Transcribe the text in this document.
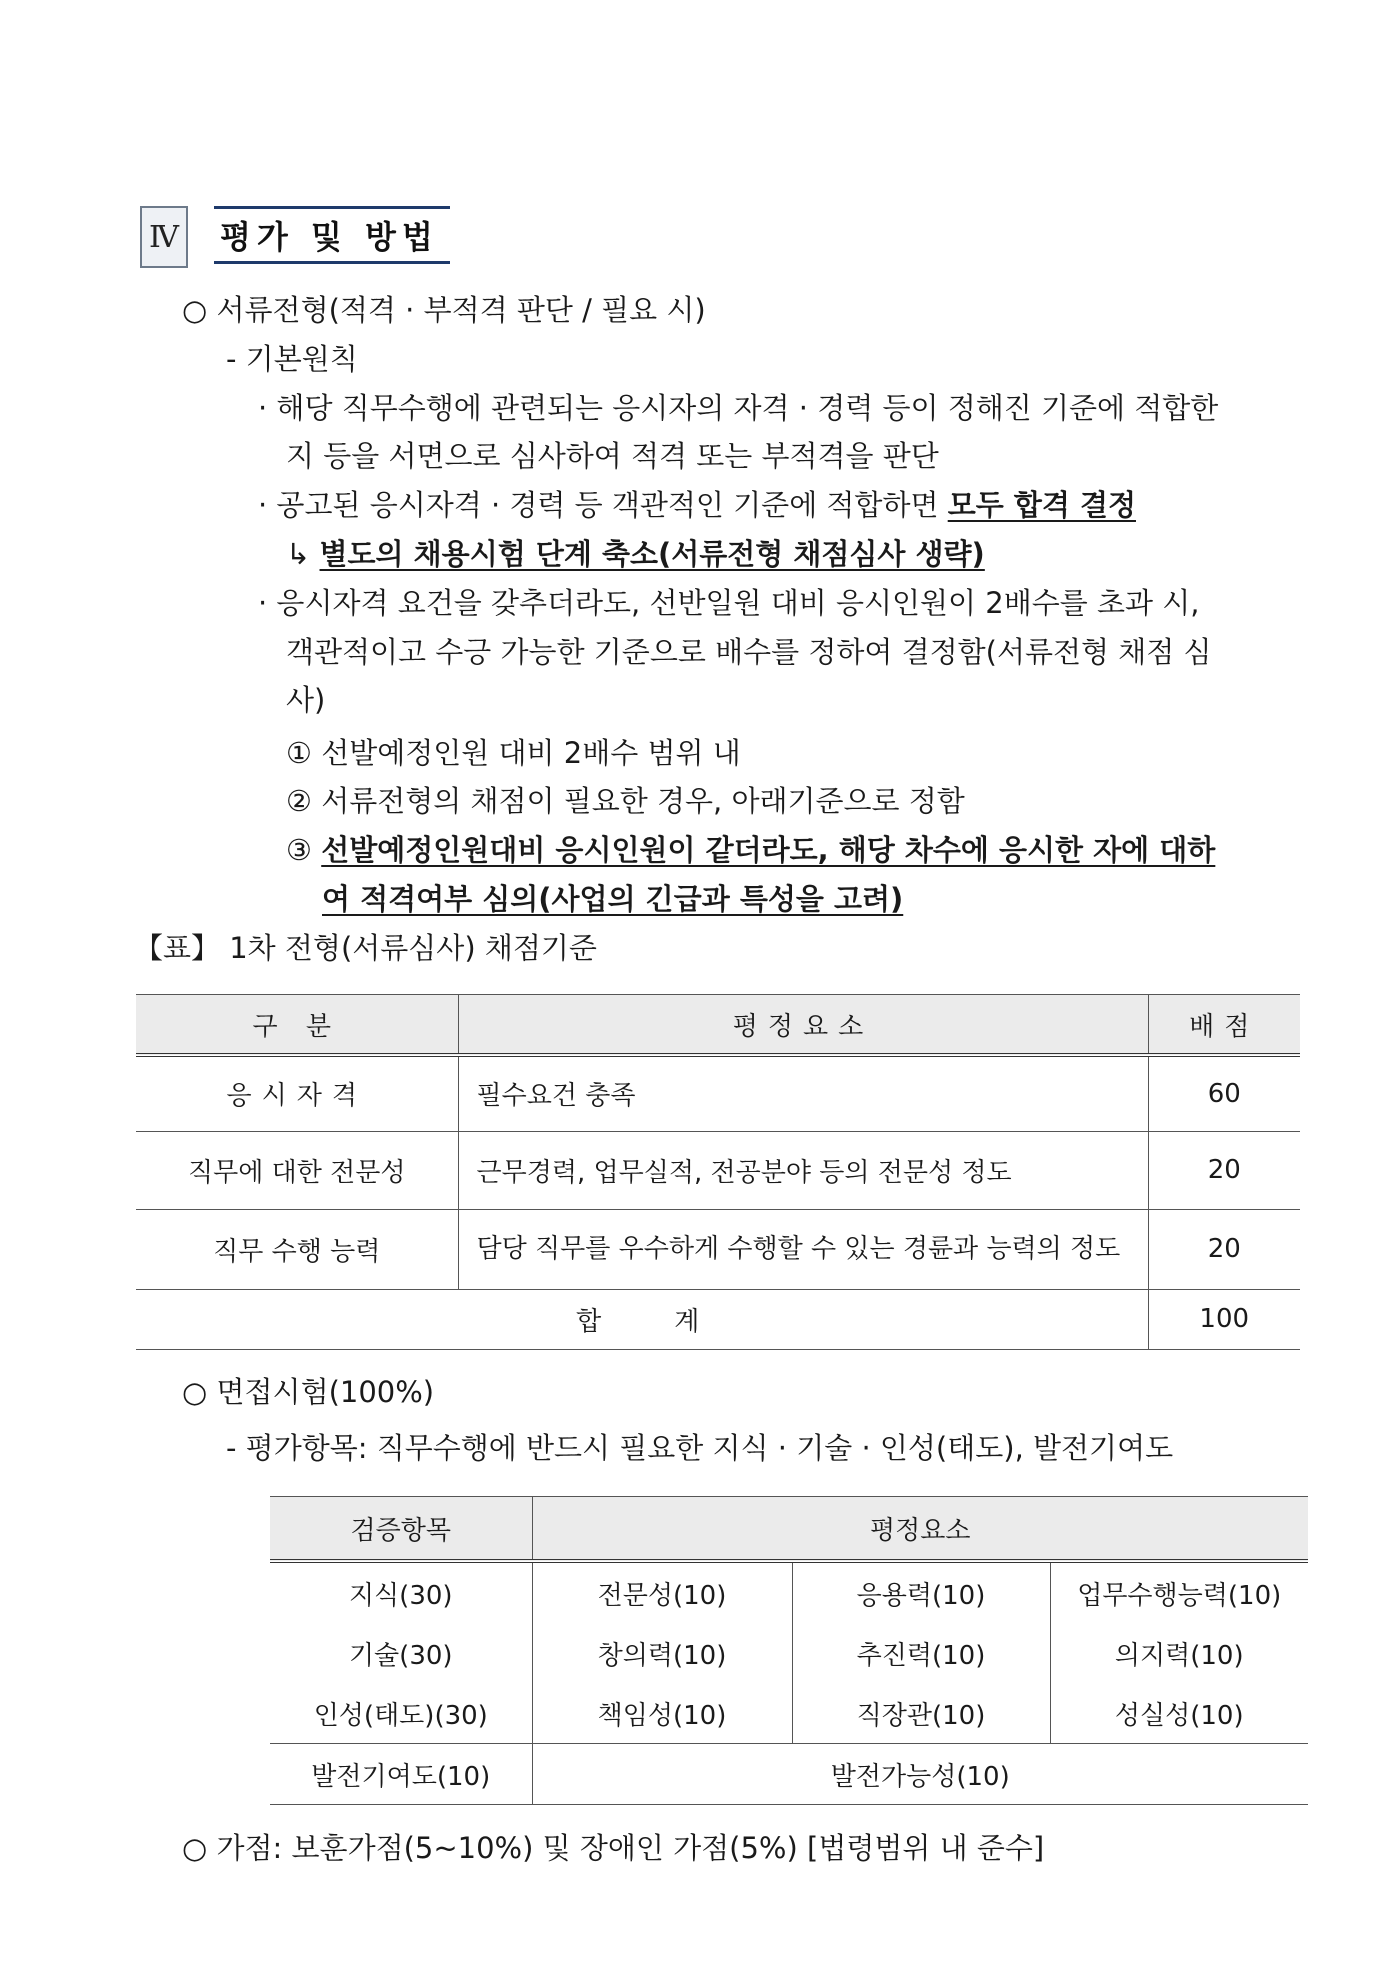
Ⅳ 평가 및 방법
○ 서류전형(적격 · 부적격 판단 / 필요 시)
- 기본원칙
· 해당 직무수행에 관련되는 응시자의 자격 · 경력 등이 정해진 기준에 적합한
지 등을 서면으로 심사하여 적격 또는 부적격을 판단
· 공고된 응시자격 · 경력 등 객관적인 기준에 적합하면 모두 합격 결정
↳ 별도의 채용시험 단계 축소(서류전형 채점심사 생략)
· 응시자격 요건을 갖추더라도, 선반일원 대비 응시인원이 2배수를 초과 시,
객관적이고 수긍 가능한 기준으로 배수를 정하여 결정함(서류전형 채점 심
사)
① 선발예정인원 대비 2배수 범위 내
② 서류전형의 채점이 필요한 경우, 아래기준으로 정함
③ 선발예정인원대비 응시인원이 같더라도, 해당 차수에 응시한 자에 대하
여 적격여부 심의(사업의 긴급과 특성을 고려)
【표】 1차 전형(서류심사) 채점기준
구 분	평정요소	배점
응시자격	필수요건 충족	60
직무에 대한 전문성	근무경력, 업무실적, 전공분야 등의 전문성 정도	20
직무 수행 능력	담당 직무를 우수하게 수행할 수 있는 경륜과 능력의 정도	20
합    계		100
○ 면접시험(100%)
- 평가항목: 직무수행에 반드시 필요한 지식 · 기술 · 인성(태도), 발전기여도
검증항목	평정요소		
지식(30)	전문성(10)	응용력(10)	업무수행능력(10)
기술(30)	창의력(10)	추진력(10)	의지력(10)
인성(태도)(30)	책임성(10)	직장관(10)	성실성(10)
발전기여도(10)	발전가능성(10)		
○ 가점: 보훈가점(5~10%) 및 장애인 가점(5%) [법령범위 내 준수]
